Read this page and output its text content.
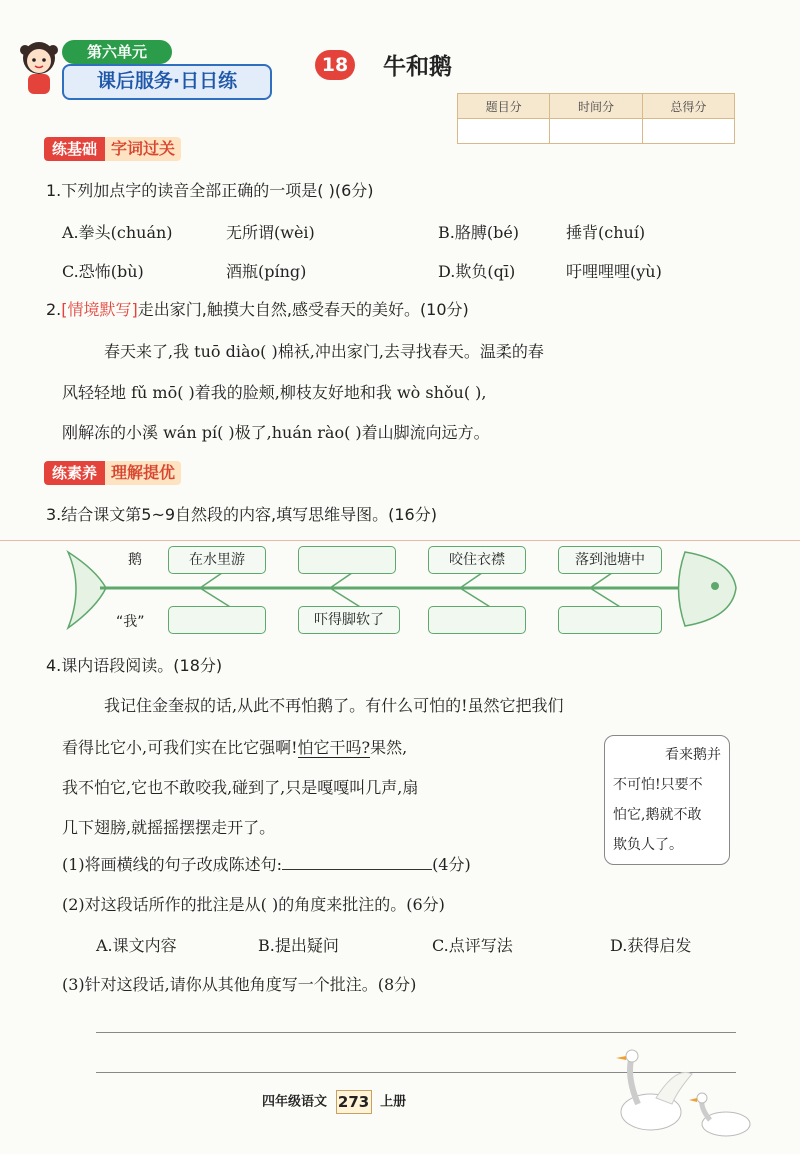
第六单元
课后服务·日日练
18 牛和鹅
题目分	时间分	总得分

练基础 字词过关
1.下列加点字的读音全部正确的一项是( )(6分)
A.拳头(chuán)	无所谓(wèi)	B.胳膊(bé)	捶背(chuí)
C.恐怖(bù)	酒瓶(píng)	D.欺负(qī)	吁哩哩哩(yù)
2.[情境默写]走出家门,触摸大自然,感受春天的美好。(10分)
春天来了,我 tuō diào( )棉袄,冲出家门,去寻找春天。温柔的春
风轻轻地 fǔ mō( )着我的脸颊,柳枝友好地和我 wò shǒu( ),
刚解冻的小溪 wán pí( )极了,huán rào( )着山脚流向远方。
练素养 理解提优
3.结合课文第5~9自然段的内容,填写思维导图。(16分)
鹅
“我”
在水里游	咬住衣襟	落到池塘中
吓得脚软了
4.课内语段阅读。(18分)
我记住金奎叔的话,从此不再怕鹅了。有什么可怕的!虽然它把我们
看得比它小,可我们实在比它强啊!怕它干吗?果然,
我不怕它,它也不敢咬我,碰到了,只是嘎嘎叫几声,扇
几下翅膀,就摇摇摆摆走开了。
看来鹅并
不可怕!只要不
怕它,鹅就不敢
欺负人了。
(1)将画横线的句子改成陈述句:	(4分)
(2)对这段话所作的批注是从( )的角度来批注的。(6分)
A.课文内容	B.提出疑问	C.点评写法	D.获得启发
(3)针对这段话,请你从其他角度写一个批注。(8分)
四年级语文 273 上册
